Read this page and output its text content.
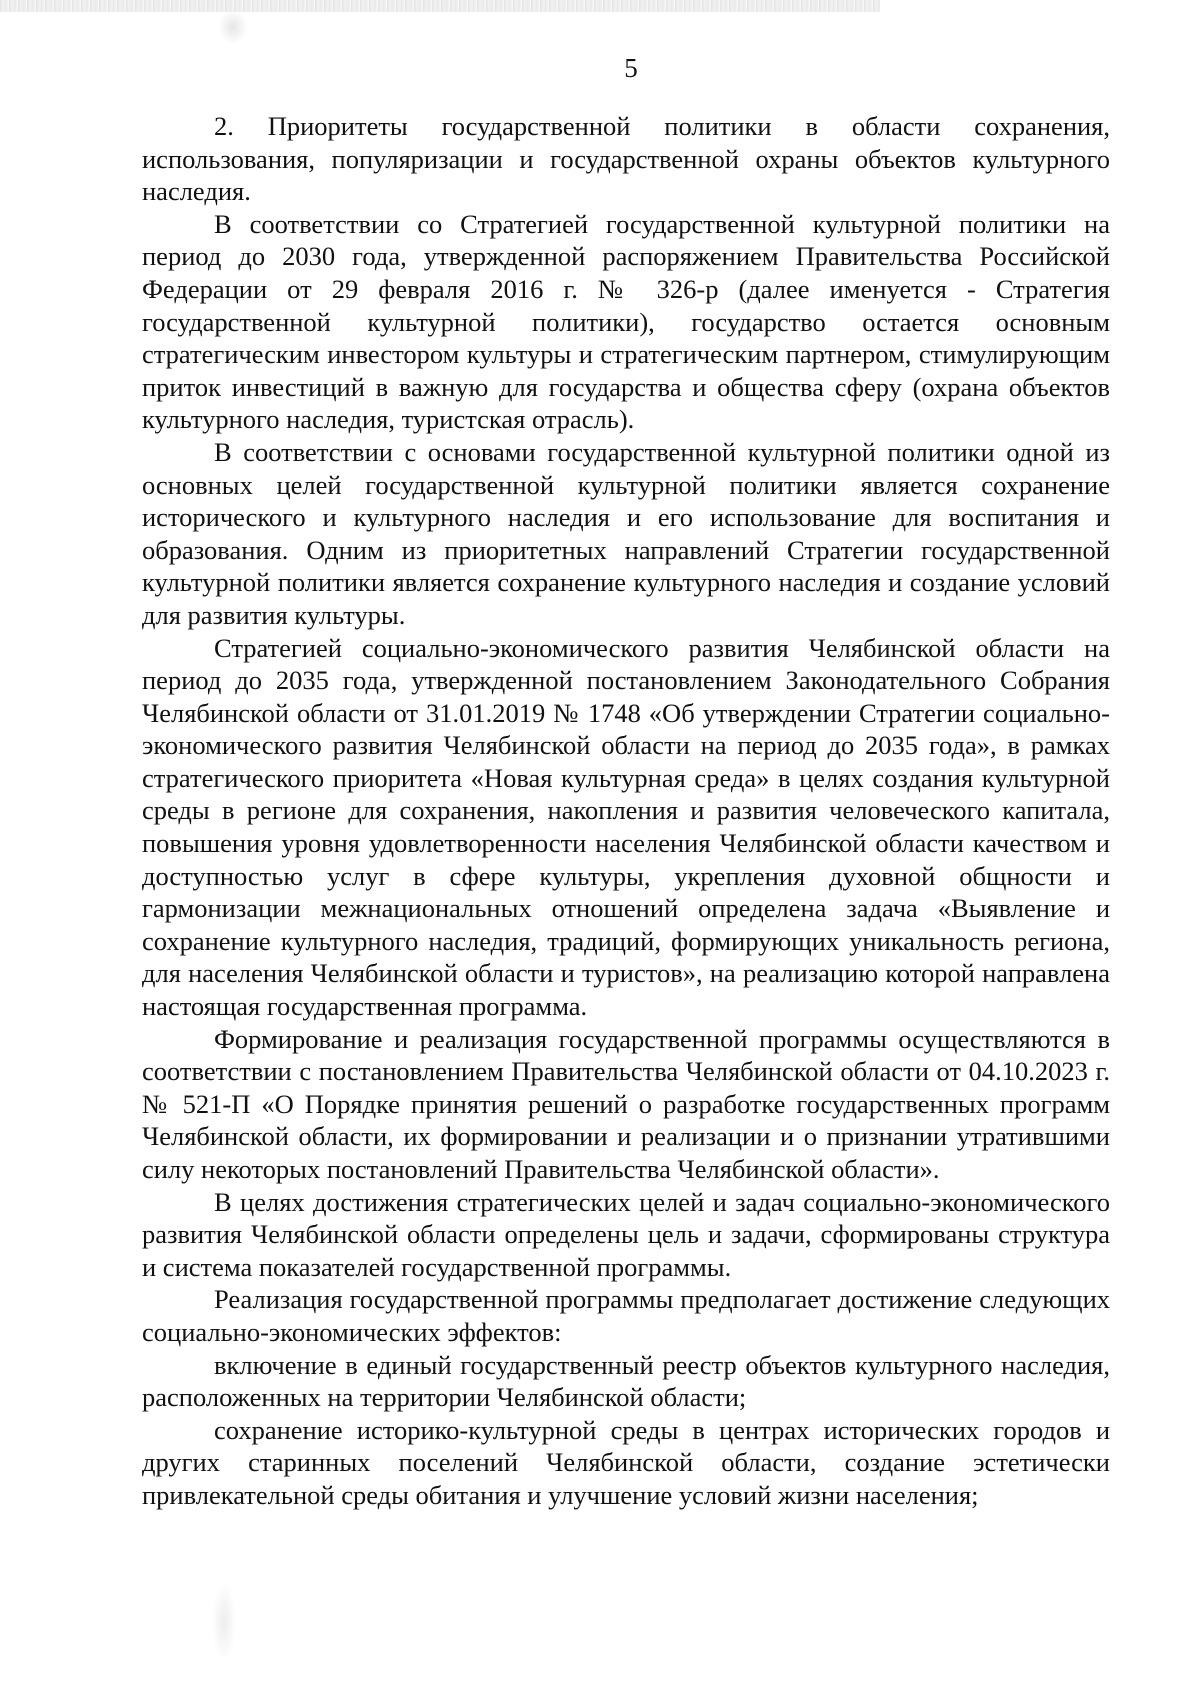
5

2. Приоритеты государственной политики в области сохранения, использования, популяризации и государственной охраны объектов культурного наследия.

В соответствии со Стратегией государственной культурной политики на период до 2030 года, утвержденной распоряжением Правительства Российской Федерации от 29 февраля 2016 г. № 326-р (далее именуется - Стратегия государственной культурной политики), государство остается основным стратегическим инвестором культуры и стратегическим партнером, стимулирующим приток инвестиций в важную для государства и общества сферу (охрана объектов культурного наследия, туристская отрасль).

В соответствии с основами государственной культурной политики одной из основных целей государственной культурной политики является сохранение исторического и культурного наследия и его использование для воспитания и образования. Одним из приоритетных направлений Стратегии государственной культурной политики является сохранение культурного наследия и создание условий для развития культуры.

Стратегией социально-экономического развития Челябинской области на период до 2035 года, утвержденной постановлением Законодательного Собрания Челябинской области от 31.01.2019 № 1748 «Об утверждении Стратегии социально-экономического развития Челябинской области на период до 2035 года», в рамках стратегического приоритета «Новая культурная среда» в целях создания культурной среды в регионе для сохранения, накопления и развития человеческого капитала, повышения уровня удовлетворенности населения Челябинской области качеством и доступностью услуг в сфере культуры, укрепления духовной общности и гармонизации межнациональных отношений определена задача «Выявление и сохранение культурного наследия, традиций, формирующих уникальность региона, для населения Челябинской области и туристов», на реализацию которой направлена настоящая государственная программа.

Формирование и реализация государственной программы осуществляются в соответствии с постановлением Правительства Челябинской области от 04.10.2023 г. № 521-П «О Порядке принятия решений о разработке государственных программ Челябинской области, их формировании и реализации и о признании утратившими силу некоторых постановлений Правительства Челябинской области».

В целях достижения стратегических целей и задач социально-экономического развития Челябинской области определены цель и задачи, сформированы структура и система показателей государственной программы.

Реализация государственной программы предполагает достижение следующих социально-экономических эффектов:

включение в единый государственный реестр объектов культурного наследия, расположенных на территории Челябинской области;

сохранение историко-культурной среды в центрах исторических городов и других старинных поселений Челябинской области, создание эстетически привлекательной среды обитания и улучшение условий жизни населения;
